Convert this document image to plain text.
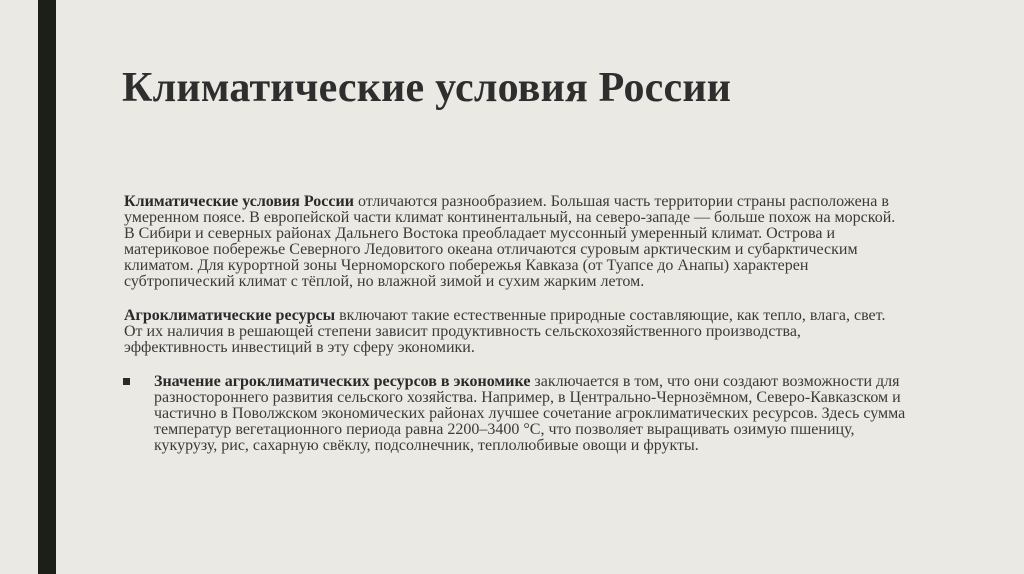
Климатические условия России

Климатические условия России отличаются разнообразием. Большая часть территории страны расположена в умеренном поясе. В европейской части климат континентальный, на северо-западе — больше похож на морской. В Сибири и северных районах Дальнего Востока преобладает муссонный умеренный климат. Острова и материковое побережье Северного Ледовитого океана отличаются суровым арктическим и субарктическим климатом. Для курортной зоны Черноморского побережья Кавказа (от Туапсе до Анапы) характерен субтропический климат с тёплой, но влажной зимой и сухим жарким летом.

Агроклиматические ресурсы включают такие естественные природные составляющие, как тепло, влага, свет. От их наличия в решающей степени зависит продуктивность сельскохозяйственного производства, эффективность инвестиций в эту сферу экономики.

Значение агроклиматических ресурсов в экономике заключается в том, что они создают возможности для разностороннего развития сельского хозяйства. Например, в Центрально-Чернозёмном, Северо-Кавказском и частично в Поволжском экономических районах лучшее сочетание агроклиматических ресурсов. Здесь сумма температур вегетационного периода равна 2200–3400 °С, что позволяет выращивать озимую пшеницу, кукурузу, рис, сахарную свёклу, подсолнечник, теплолюбивые овощи и фрукты.
